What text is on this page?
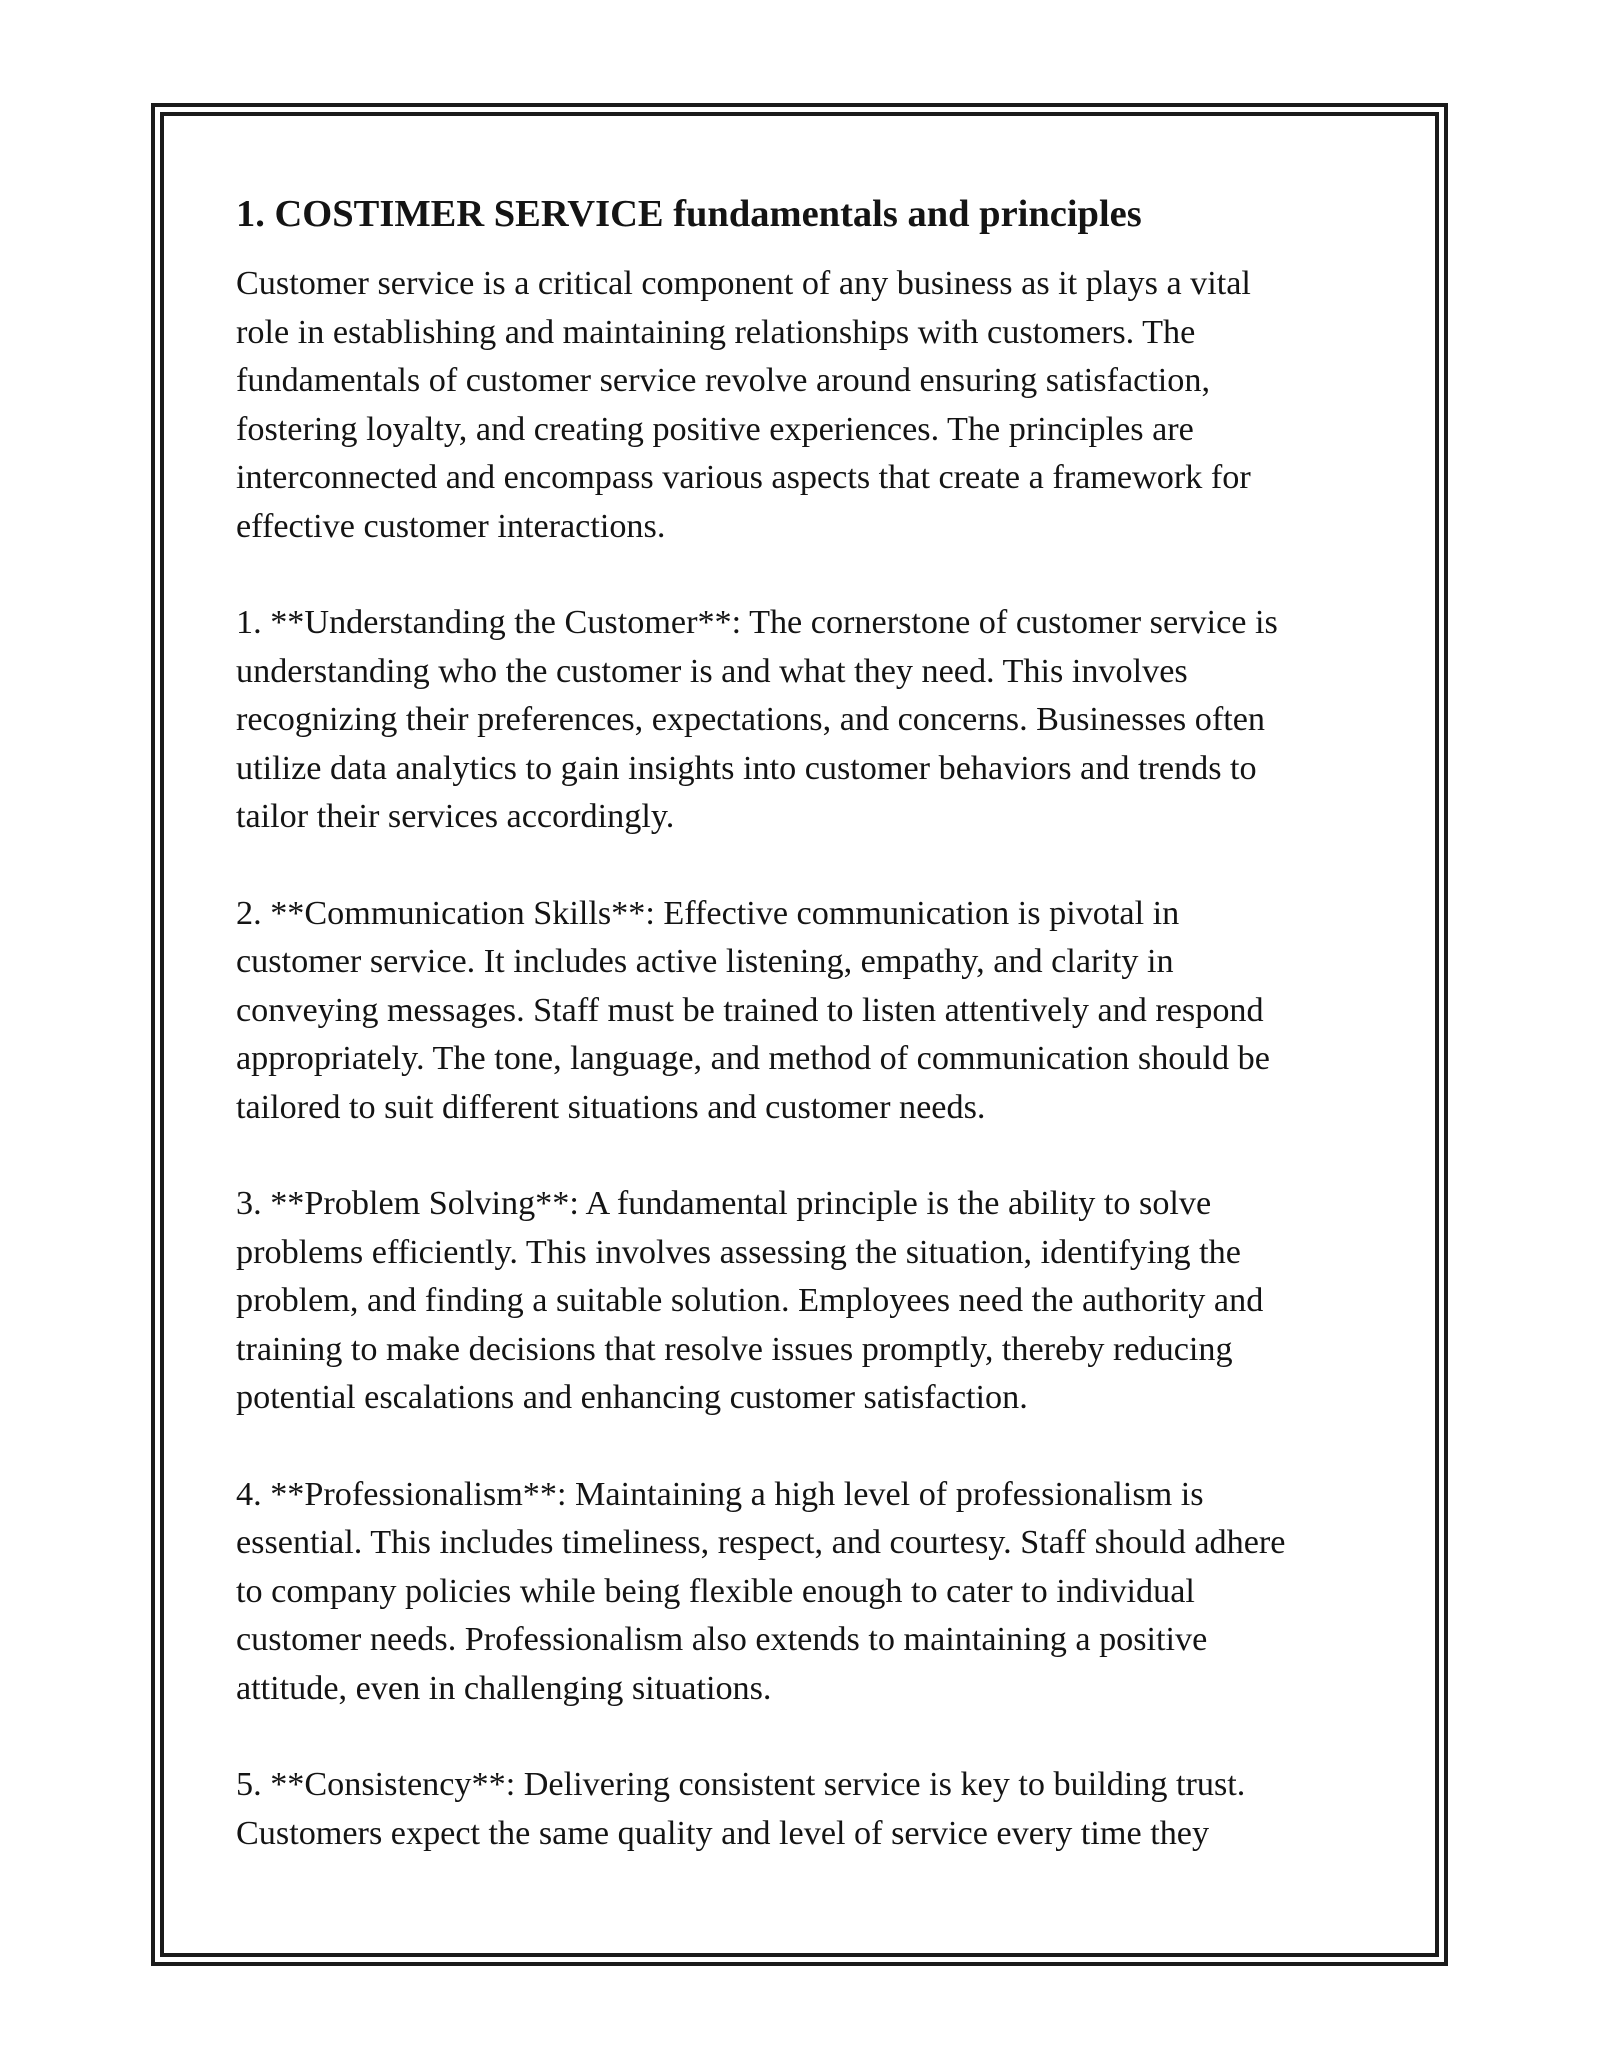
1. COSTIMER SERVICE fundamentals and principles

Customer service is a critical component of any business as it plays a vital
role in establishing and maintaining relationships with customers. The
fundamentals of customer service revolve around ensuring satisfaction,
fostering loyalty, and creating positive experiences. The principles are
interconnected and encompass various aspects that create a framework for
effective customer interactions.

1. **Understanding the Customer**: The cornerstone of customer service is
understanding who the customer is and what they need. This involves
recognizing their preferences, expectations, and concerns. Businesses often
utilize data analytics to gain insights into customer behaviors and trends to
tailor their services accordingly.

2. **Communication Skills**: Effective communication is pivotal in
customer service. It includes active listening, empathy, and clarity in
conveying messages. Staff must be trained to listen attentively and respond
appropriately. The tone, language, and method of communication should be
tailored to suit different situations and customer needs.

3. **Problem Solving**: A fundamental principle is the ability to solve
problems efficiently. This involves assessing the situation, identifying the
problem, and finding a suitable solution. Employees need the authority and
training to make decisions that resolve issues promptly, thereby reducing
potential escalations and enhancing customer satisfaction.

4. **Professionalism**: Maintaining a high level of professionalism is
essential. This includes timeliness, respect, and courtesy. Staff should adhere
to company policies while being flexible enough to cater to individual
customer needs. Professionalism also extends to maintaining a positive
attitude, even in challenging situations.

5. **Consistency**: Delivering consistent service is key to building trust.
Customers expect the same quality and level of service every time they
